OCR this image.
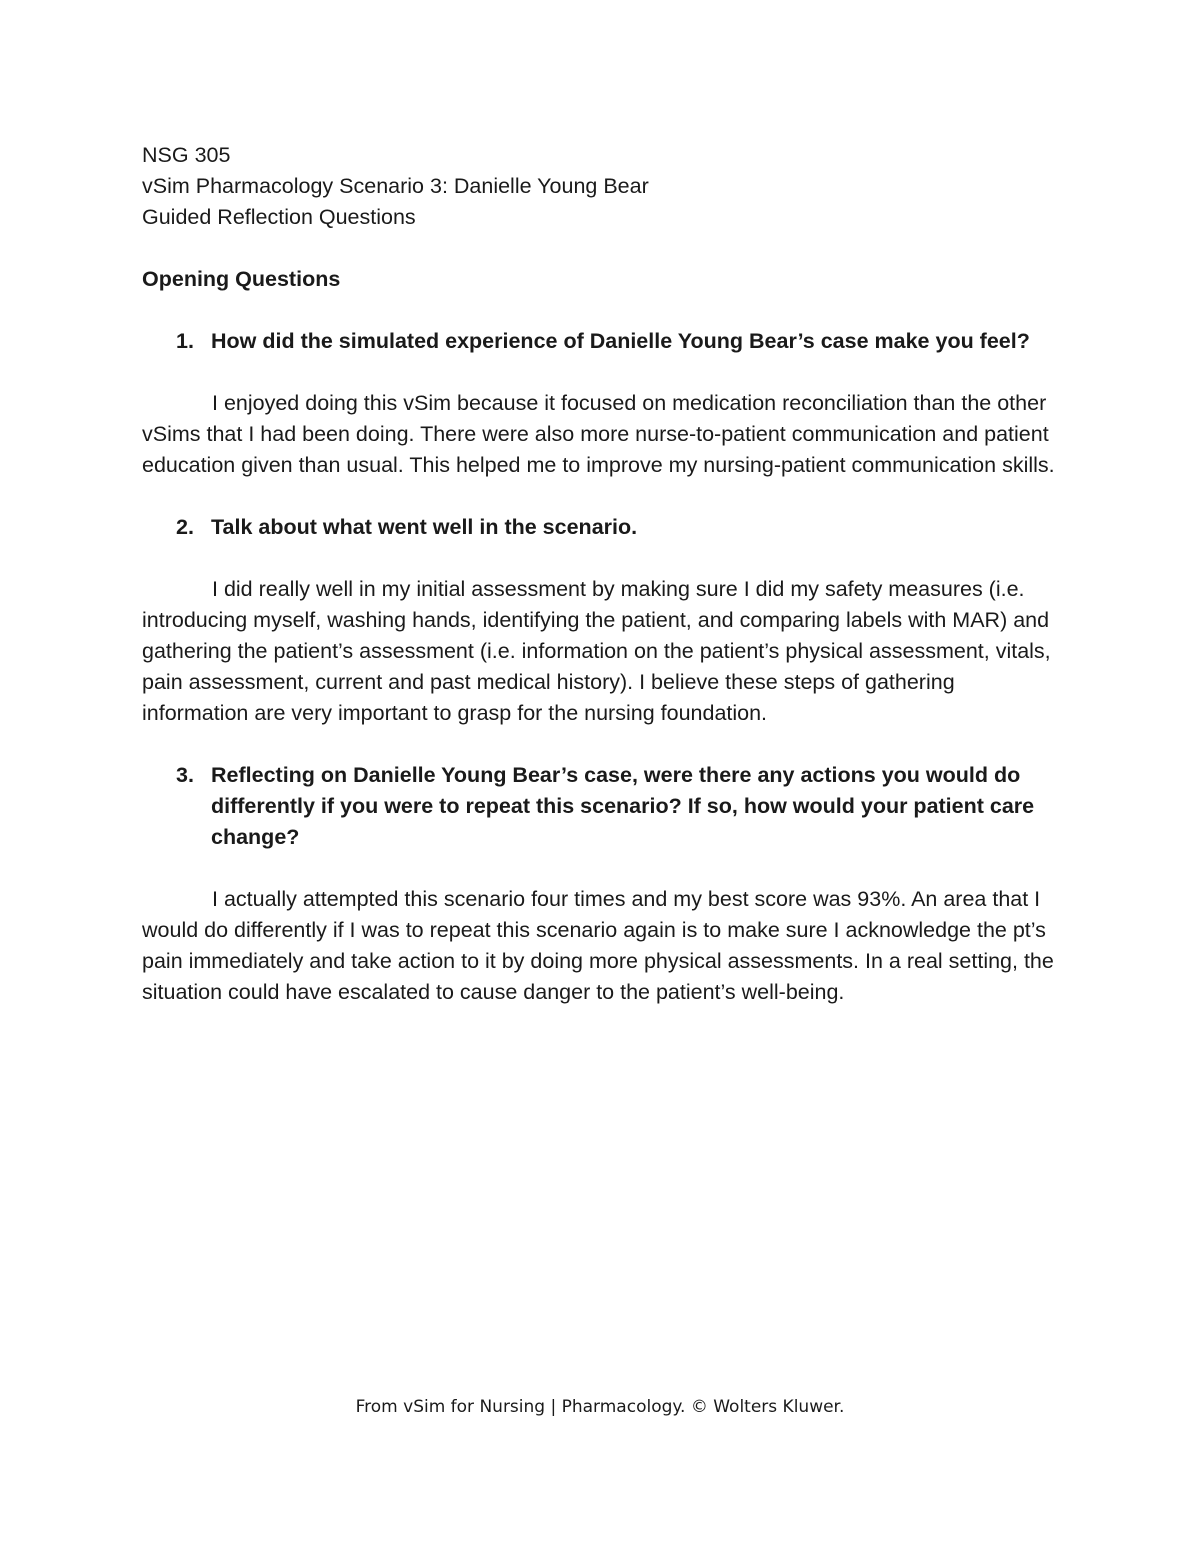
NSG 305
vSim Pharmacology Scenario 3: Danielle Young Bear
Guided Reflection Questions
Opening Questions
1. How did the simulated experience of Danielle Young Bear’s case make you feel?

I enjoyed doing this vSim because it focused on medication reconciliation than the other vSims that I had been doing. There were also more nurse-to-patient communication and patient education given than usual. This helped me to improve my nursing-patient communication skills.

2. Talk about what went well in the scenario.

I did really well in my initial assessment by making sure I did my safety measures (i.e. introducing myself, washing hands, identifying the patient, and comparing labels with MAR) and gathering the patient’s assessment (i.e. information on the patient’s physical assessment, vitals, pain assessment, current and past medical history). I believe these steps of gathering information are very important to grasp for the nursing foundation.

3. Reflecting on Danielle Young Bear’s case, were there any actions you would do differently if you were to repeat this scenario? If so, how would your patient care change?

I actually attempted this scenario four times and my best score was 93%. An area that I would do differently if I was to repeat this scenario again is to make sure I acknowledge the pt’s pain immediately and take action to it by doing more physical assessments. In a real setting, the situation could have escalated to cause danger to the patient’s well-being.

From vSim for Nursing | Pharmacology. © Wolters Kluwer.
